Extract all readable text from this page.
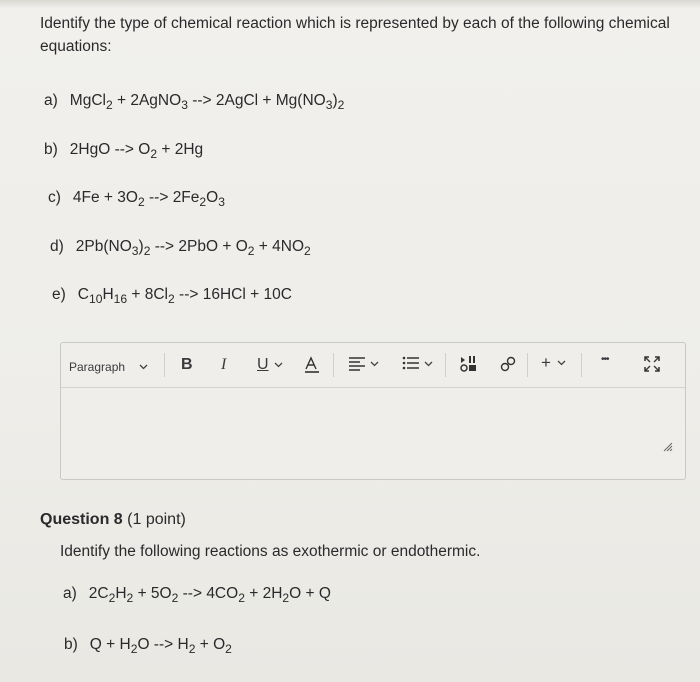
Identify the type of chemical reaction which is represented by each of the following chemical equations:
a) MgCl$_2$ + 2AgNO$_3$ --> 2AgCl + $Mg(NO_3)_2$
b) 2HgO --> $O_2 + 2Hg$
c) $4Fe + 3O_2$ --> $2Fe_2O_3$
d) $2Pb(NO_3)_2$ --> $2PbO + O_2 + 4NO_2$
e) $C_{10}H_{16} + 8Cl_2$ --> 16HCl + 10C
Paragraph	B I U	+	•••
Question 8 (1 point)
Identify the following reactions as exothermic or endothermic.
a) $2C_2H_2 + 5O_2$ --> $4CO_2 + 2H_2O + Q$
b) $Q + H_2O$ --> $H_2 + O_2$
